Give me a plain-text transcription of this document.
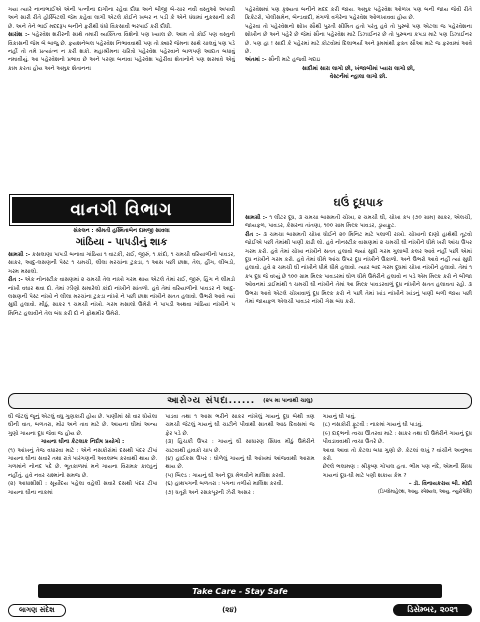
ગયા ત્યારે નાનાભાઈએ એની પત્નીના દાગીના રહેવા દીધા અને બીજી બે-ચાર નવી વસ્તુઓ અપાવી અને સારી રીતે હોસ્પિટલી જેમ કહેવા લાગી એટલે કોઈને ખબર ન પડી કે એને ધંધામાં નુકસાની કરી છે. અને તેને ભાઈ મદદરૂપ બનીને ફરીથી ધંધો વિકસાવી ભરપાઈ કરી દીધી.

સારાંશ :- પહેરવેશ શરીરની સાથે તમારી વ્યક્તિત્વ વિશેનો પણ ખ્યાલ છે. આમ તો કોઈ પણ વસ્તુનો વિકાસની જેમ બે બાજુ છે. ફયશનેબલ પહેરવેશ નિભાવવાથી પણ તો ક્યારે જેમના સાથે ચાલવું પણ પડે નહીં તો તમે પ્રત્યાંત્ન ન કરી શકો. મહાશ્રીમના ચરિત્રો પહેરવેશ પહેરવાને બાળપણે આદાત બધાવું નમાવીયું. આ પહેરવેશનો પ્રભાવ છે અને પરણા બનાવા પહેરવેશ પહેરીવા શેતાનોને પણ શરમાવે એવું કામ કરતા હોય અને અમુક શેતાનના

પહેરવેશમાં પણ કૃશ્યતા બનીને મદદ કરી જાય. અમુક પહેરવેશ ઓળખ પણ બની જાય જેવી રીતે ક્રિકેટરો, પોલીસમેન, બેન્ડવાદી, મંગળો વગેરેના પહેરવેશ ઓળખાવવા હોય છે.

પહેરવા તો પહેરવેશનો શોખ સૌથી પુરતી સીમિત હતો પરંતુ હવે તો પુરુષો પણ એટલા જ પહેરવેશના શોખીન છે અને પહેરે છે જેમાં સૌના પહેરવેશ માટે ડિઝાઈનર છે તો પુરુષના કપડા માટે પણ ડિઝાઈનર છે. પણ હા ! સાદી કે પહેરમાં માટે કોટવોમાં દિલાભર્યા અને રૂમમાંથી ફક્ત સૌઆ માટે જ ફરવામાં આવે છે.

અંતમાં :- સૌની માટે હજવી ગદાઇ

સાદીમાં સારા લાગો છો, ખંજાબીમાં પ્યારા લાગો છો,

વેસ્ટર્નમાં ન્હાલા લાગો છો.

વાનગી વિભાગ
સંકલન : શ્રીમતી હસ્મિતાબેન દામજી સાવલા
ગાંઠિયા - પાપડીનું શાક

સામગ્રી :- કસલાણા પાપડી બનાવા ગાંઠિયા ૧ વાટકી, રાઈ, જીરું, ૧ કાંદો, ૧ ચમચી વરિયાળીનો પાવડર, સાકર, આદુ-લસણની પેસ્ટ ૧ ચમચી, લીલા મરચાંના ટુકડા, ૧ આસ પછી છાશ, તેલ, હીંગ, લીંબડો, ગરમ મસાલો.

રીત :- એક નોનસ્ટીક વાસણમાં ૨ ચમચી તેલ નાખો ગરમ થાય એટલે તેમાં રાઈ, જીરું, હિંગ ને લીમડો નાંખી વઘાર થવા દો. તેમાં ઝીણો સમારેલો કાંદો નાંખીને સાંતળો. હવે તેમાં વરિયાળીનો પાવડર ને આદુ-લસણની પેસ્ટ નાંખો ને લીલા મરચાંના ટુકડા નાંખો ને પછી છાશ નાંખીને સતત હલાવો. ઉભરો આવે ત્યાં સુધી હલાવો. મીઠું, સાકર ૧ ચમચી નાંખો. ગરમ મસાલો ઉમેરો ને પાપડી અથવા ગાંઠિયા નાંખીને ૫ મિનિટ હલાવીને તેલ બંધ કરી દો ને ફોથમીર ઉમેરો.

ઘઉં દૂધપાક

સામગ્રી :- ૧ લીટર દૂધ, ૩ ચમચા બાસમતી ચોખા, ૨ ચમચી ઘી, ચોખા કપ (૭૦ ગ્રામ) સાકર, એલચી, જાયફળ, પાવડર, કેસરના તાંતણા, ૧૦૦ ગ્રામ મિલ્ક પાવડર, ડ્રાયફ્રુટ.

રીત :- ૩ ચમચા બાસમતી ચોખા ધોઈને ૨૦ મિનિટ માટે પલાળી રાખો. ચોખાનો દાણો હાથેથી તૂટવો જોઈએ પછી તેમાંથી પાણી કાઢી લો. હવે નોનસ્ટીક વાસણમાં ૨ ચમચી ઘી નાંખીને ધીમે ખરી આંચ ઉપર ગરમ કરો. હવે તેમાં ચોખા નાંખીને સતત હલાવો જ્યાં સુધી ગરમ ગુલાબી કલર આવે નહીં પછી એમાં દૂધ નાંખીને ગરમ કરો. હવે તેમાં ધીમે આંચ ઉપર દૂધ નાંખીને ઉકાળો. અને ઉભરો આવે નહીં ત્યાં સુધી હલાવો. હવે ૨ ચમચી ઘી નાંખીને ધીમે ધીમે હલાવો. ત્યાર બાદ ગરમ દૂધમાં ચોખા નાંખીને હલાવો. તેમાં ૧ કપ દૂધ જે વધ્યું છે ૧૦૦ ગ્રામ મિલ્ક પાવડરમાં ઘોળ ધીમે ઉમેરીને હલાવો ન પડે એમ મિલ્ક કરો ને બીજા ઓવનમાં ડાઈમાંથી ૧ ચમચી ઘી નાંખીને તેમાં આ મિલ્ક પાવડરવાળું દૂધ નાંખીને સતત હલાવતા રહો. ૩ ઉભરા આવે એટલે ચોખાવાળું દૂધ મિલ્ક કરો ને પછી તેમાં ખાંડ નાંખીને ખાંડનું પાણી બળી જાય પછી તેમાં જાયફળ એલચી પાવડર નાંખી ગેસ બંધ કરો.

આરોગ્ય સંપદા...... (૨૫ મા પાનાથી ચાલુ)

ઘી જેટલું જૂનું એટલું વધુ ગુણકારી હોય છે. પાણીમાં સો વાર ધોયેલા ઘીની વાત, બળતરા, મોંઢ અને તાવ માટે છે. આયના ઘીમાં અન્ય ગુણો ગાયના દૂધ જેવા જ હોય છે.

ગાયના ઘીના કેટલાક નિદોષ પ્રયોગો :

(૧) આંખનું તેજ વધારવા માટે : એને નસકોરાંમાં દસથી પંદર ટીપાં ગાયના ઘીના સવારે તથા રાત્રે પારંગણની અવલમ્બ કરવાથી થાય છે. ગળમાંને નોનદ પદે છે. ભૂતકાળમાં મને ગાયના વિરામક કાલ્હનું નહીંતું. હવે નવર ચશ્માંનો સમજ છે.

(૨) આધાશીશી : સૂર્યોદય પહેલા વહેલી સવારે દસથી પંદર ટીપા ગાયના ઘીના નાકમાં

પાડવા તથા ૧ આસ ભરીને સાકર નાંખેલું ગાયનું દૂધ બેથી ત્રણ ચમચી જેટલું ગાયનું ઘી ચાટીને પીવાથી સાતથી આઠ દિવસમાં જ ફેર પડે છે.

(૩) હિચકી ઉપર : ગાયનું ઘી સાધારણ સિંધવ મીઠું ઉમેરીને ચાટવાથી હાવકો ચાપ છે.

(૪) હાઈકસ ઉપર : ઘોળેલું ગાયનું ઘી આંખમાં આંજવાથી આરામ થાય છે.

(૫) બિલ્ડ : ગાયનું ઘી અને દૂધ મેળવીને માલિશ કરવી.

(૬) હાથપગની બળતરા : પગના તળીયે માલિશ કરવી.

(૭) ધતૂરો અને રસકપૂરની ઝેરી અસર :

ગાયનું ઘી પાવું.

(૮) નસકોરી ફૂટવી : નાકમાં ગાયનું ઘી પાડવું.

(૯) દાદ્ભનો ત્વચા ઊતરવા માટે : સાકર તથા ઘી ઉમેરીને ગાયનું દૂધ પીવડાવવાથી ત્વચા ઉતરે છે.

આવા આવા તો કેટલા બધા ગુણો છે. કેટલાં લખું ? વાંચીને અનુભવ કરો.

છેલ્લે ભલામણ : શ્રીકૃષ્ણ ગોપાલ હતા. ભીમ પણ નંદે, એમની સિધ્ધ ગાયનાં દૂધ-ઘી માટે પણી શકાય કેમ ?

– ડૉ. વિનાયકરાય બી. મોદી

(ડિપ્લોમાહેલ્થ, આયુ. સ્પેશ્યલ, આયુ. ન્યુરોપેથિ)

Take Care - Stay Safe
લાગણ સંદેશ	(૨૪)	ડિસેમ્બર, ૨૦૨૧
